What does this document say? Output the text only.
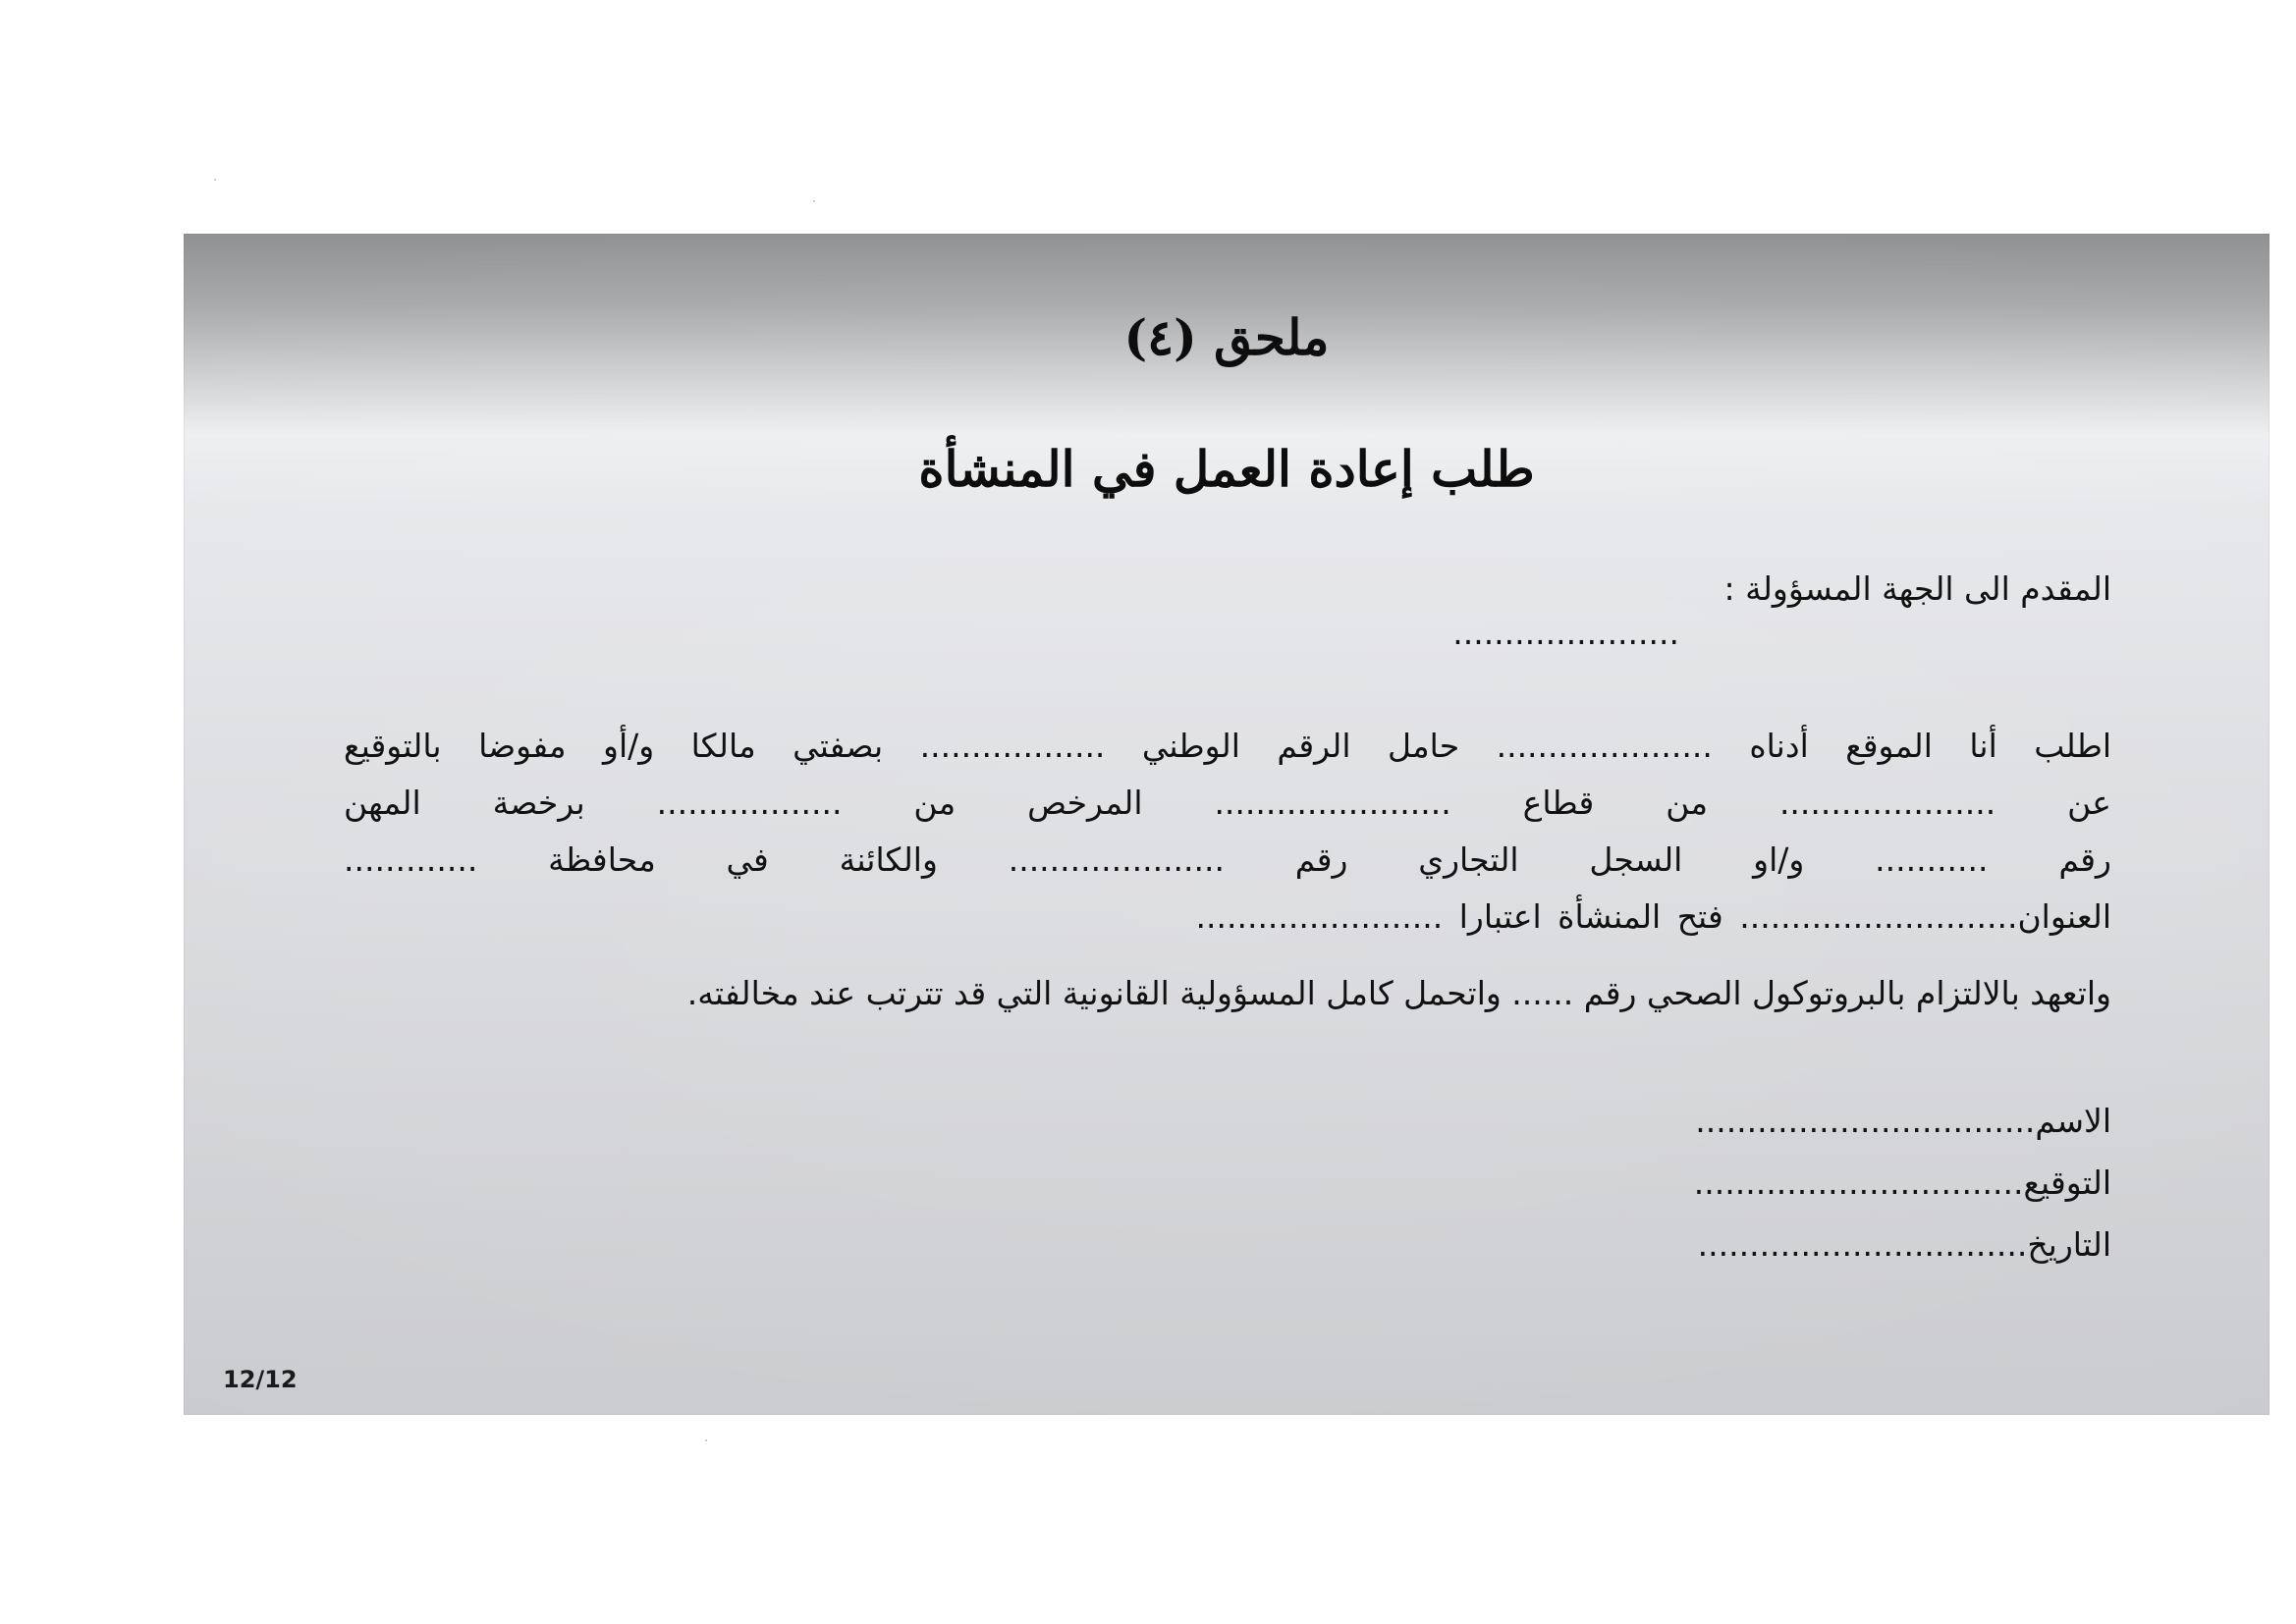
ملحق (٤)
طلب إعادة العمل في المنشأة

المقدم الى الجهة المسؤولة :

......................

اطلب أنا الموقع أدناه ..................... حامل الرقم الوطني .................. بصفتي مالكا و/أو مفوضا بالتوقيع

عن ..................... من قطاع ....................... المرخص من .................. برخصة المهن

رقم ........... و/او السجل التجاري رقم ..................... والكائنة في محافظة .............

العنوان........................... فتح المنشأة اعتبارا ........................

واتعهد بالالتزام بالبروتوكول الصحي رقم ...... واتحمل كامل المسؤولية القانونية التي قد تترتب عند مخالفته.

الاسم.................................

التوقيع................................

التاريخ................................

12/12
